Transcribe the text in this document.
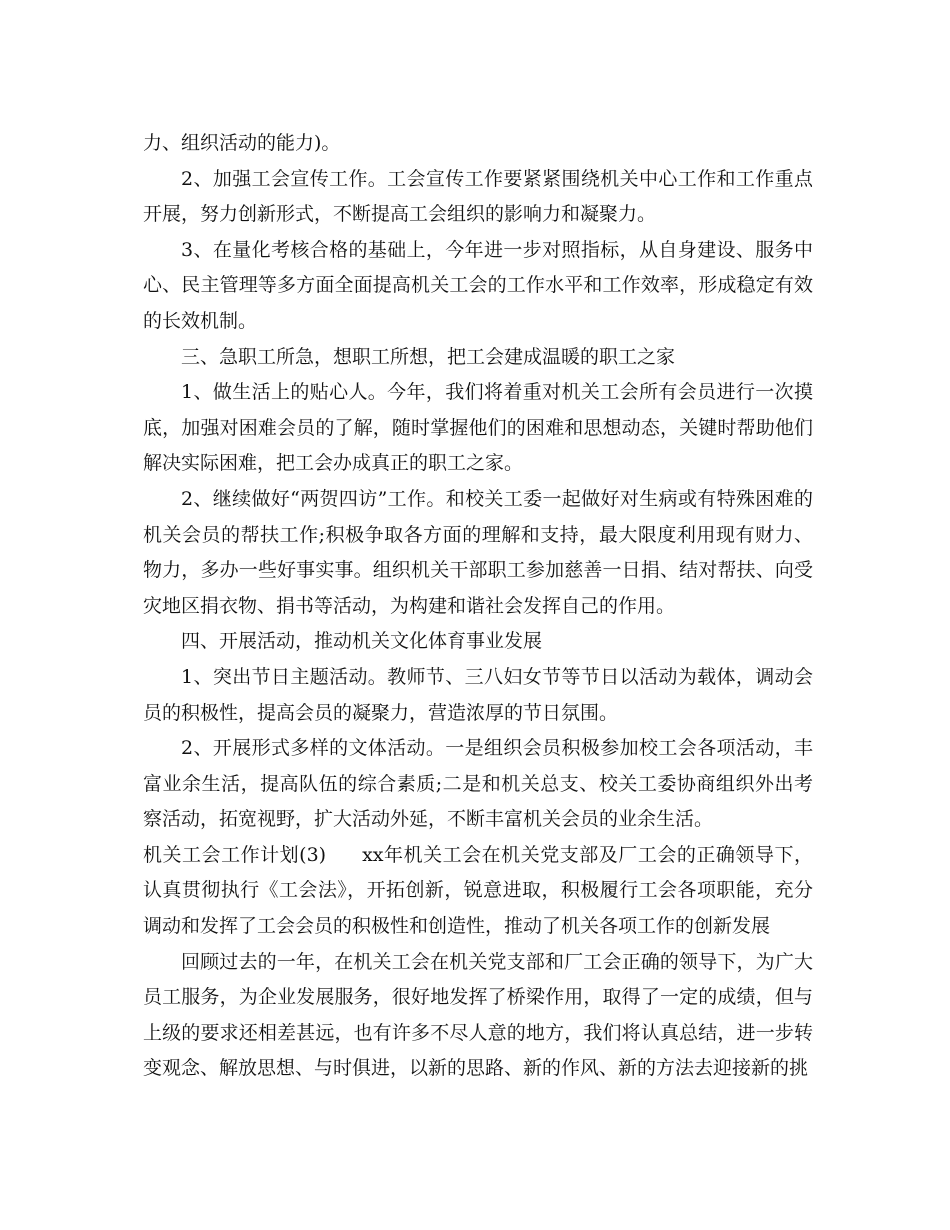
力、组织活动的能力)。

2、加强工会宣传工作。工会宣传工作要紧紧围绕机关中心工作和工作重点开展，努力创新形式，不断提高工会组织的影响力和凝聚力。

3、在量化考核合格的基础上，今年进一步对照指标，从自身建设、服务中心、民主管理等多方面全面提高机关工会的工作水平和工作效率，形成稳定有效的长效机制。

三、急职工所急，想职工所想，把工会建成温暖的职工之家

1、做生活上的贴心人。今年，我们将着重对机关工会所有会员进行一次摸底，加强对困难会员的了解，随时掌握他们的困难和思想动态，关键时帮助他们解决实际困难，把工会办成真正的职工之家。

2、继续做好“两贺四访”工作。和校关工委一起做好对生病或有特殊困难的机关会员的帮扶工作;积极争取各方面的理解和支持，最大限度利用现有财力、物力，多办一些好事实事。组织机关干部职工参加慈善一日捐、结对帮扶、向受灾地区捐衣物、捐书等活动，为构建和谐社会发挥自己的作用。

四、开展活动，推动机关文化体育事业发展

1、突出节日主题活动。教师节、三八妇女节等节日以活动为载体，调动会员的积极性，提高会员的凝聚力，营造浓厚的节日氛围。

2、开展形式多样的文体活动。一是组织会员积极参加校工会各项活动，丰富业余生活，提高队伍的综合素质;二是和机关总支、校关工委协商组织外出考察活动，拓宽视野，扩大活动外延，不断丰富机关会员的业余生活。

机关工会工作计划(3) xx年机关工会在机关党支部及厂工会的正确领导下，认真贯彻执行《工会法》，开拓创新，锐意进取，积极履行工会各项职能，充分调动和发挥了工会会员的积极性和创造性，推动了机关各项工作的创新发展

回顾过去的一年，在机关工会在机关党支部和厂工会正确的领导下，为广大员工服务，为企业发展服务，很好地发挥了桥梁作用，取得了一定的成绩，但与上级的要求还相差甚远，也有许多不尽人意的地方，我们将认真总结，进一步转变观念、解放思想、与时俱进，以新的思路、新的作风、新的方法去迎接新的挑
